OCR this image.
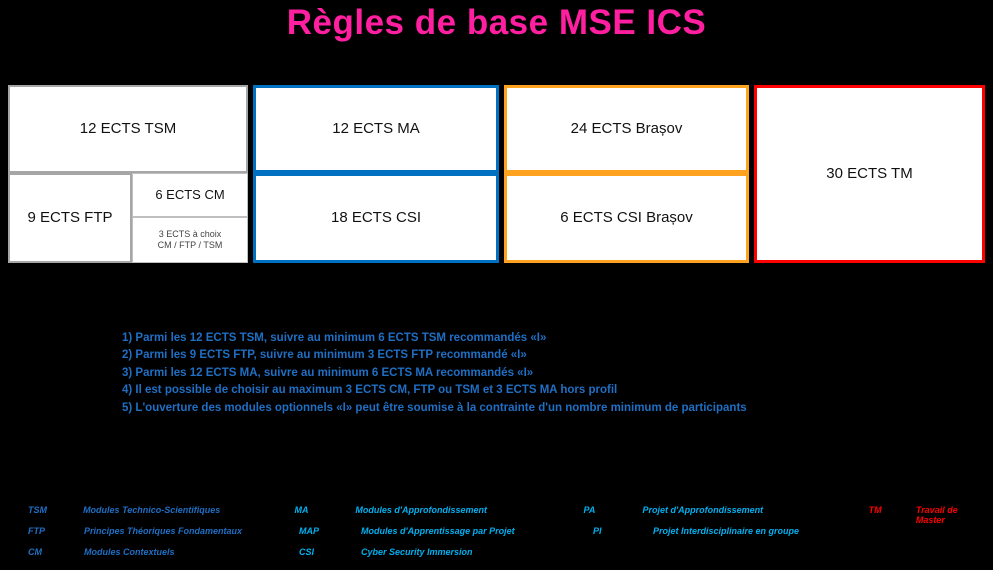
Règles de base MSE ICS
12 ECTS TSM
9 ECTS FTP
6 ECTS CM
3 ECTS à choix
CM / FTP / TSM
12 ECTS MA
18 ECTS CSI
24 ECTS Brașov
6 ECTS CSI Brașov
30 ECTS TM
1) Parmi les 12 ECTS TSM, suivre au minimum 6 ECTS TSM recommandés «I»
2) Parmi les 9 ECTS FTP, suivre au minimum 3 ECTS FTP recommandé «I»
3) Parmi les 12 ECTS MA, suivre au minimum 6 ECTS MA recommandés «I»
4) Il est possible de choisir au maximum 3 ECTS CM, FTP ou TSM et 3 ECTS MA hors profil
5) L'ouverture des modules optionnels «I» peut être soumise à la contrainte d'un nombre minimum de participants
TSM	Modules Technico-Scientifiques	MA	Modules d'Approfondissement	PA	Projet d'Approfondissement	TM	Travail de Master
FTP	Principes Théoriques Fondamentaux	MAP	Modules d'Apprentissage par Projet	PI	Projet Interdisciplinaire en groupe
CM	Modules Contextuels	CSI	Cyber Security Immersion
